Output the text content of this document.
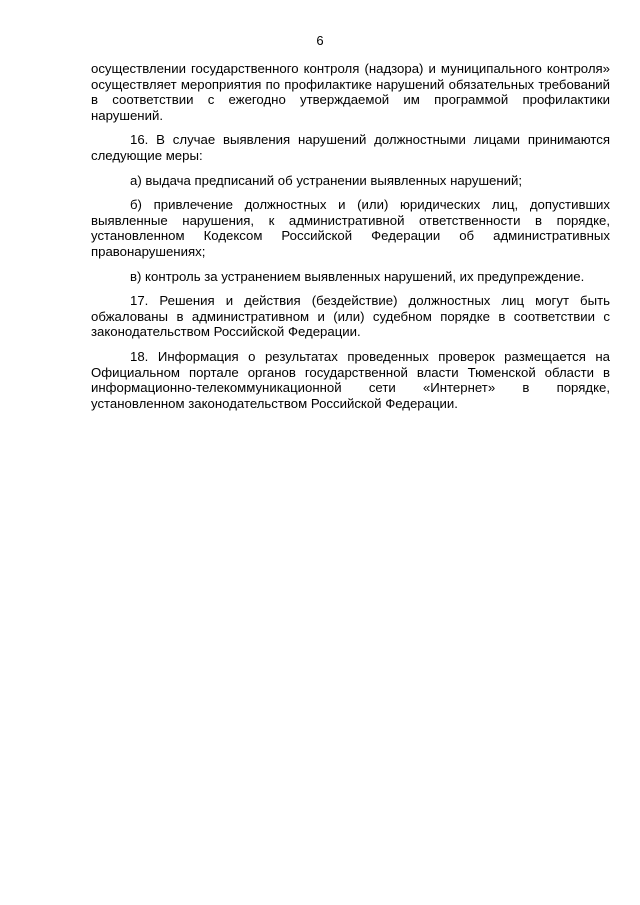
6

осуществлении государственного контроля (надзора) и муниципального контроля» осуществляет мероприятия по профилактике нарушений обязательных требований в соответствии с ежегодно утверждаемой им программой профилактики нарушений.

16. В случае выявления нарушений должностными лицами принимаются следующие меры:

а) выдача предписаний об устранении выявленных нарушений;

б) привлечение должностных и (или) юридических лиц, допустивших выявленные нарушения, к административной ответственности в порядке, установленном Кодексом Российской Федерации об административных правонарушениях;

в) контроль за устранением выявленных нарушений, их предупреждение.

17. Решения и действия (бездействие) должностных лиц могут быть обжалованы в административном и (или) судебном порядке в соответствии с законодательством Российской Федерации.

18. Информация о результатах проведенных проверок размещается на Официальном портале органов государственной власти Тюменской области в информационно-телекоммуникационной сети «Интернет» в порядке, установленном законодательством Российской Федерации.
